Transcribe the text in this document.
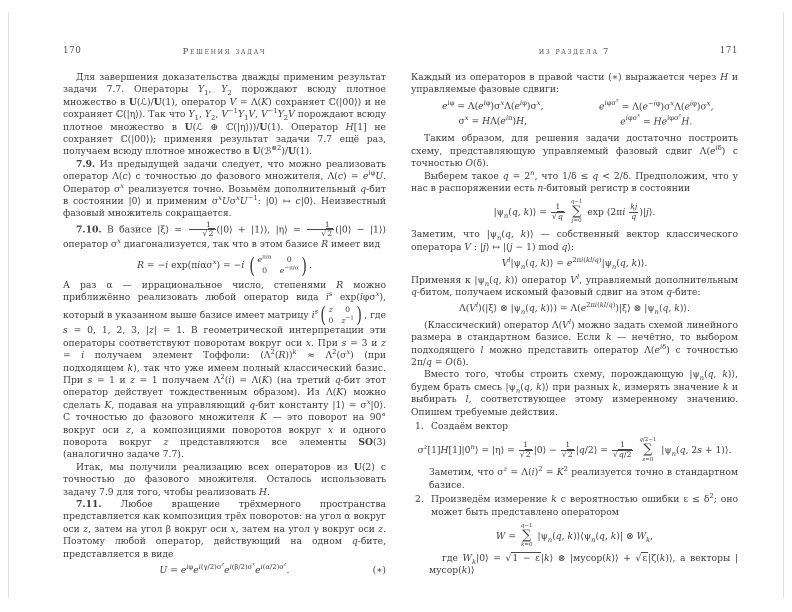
170	Решения задач
Для завершения доказательства дважды применим результат задачи 7.7. Операторы $Y_1$, $Y_2$ порождают всюду плотное множество в U(ℒ)/U(1), оператор V = Λ(K) сохраняет ℂ(|00⟩) и не сохраняет ℂ(|η⟩). Так что $Y_1$, $Y_2$, $V^{-1}Y_1V$, $V^{-1}Y_2V$ порождают всюду плотное множество в U(ℒ ⊕ ℂ(|η⟩))/U(1). Оператор H[1] не сохраняет ℂ(|00⟩); применяя результат задачи 7.7 ещё раз, получаем всюду плотное множество в U(ℬ$^{\otimes 2}$)/U(1).
7.9. Из предыдущей задачи следует, что можно реализовать оператор Λ(c) с точностью до фазового множителя, $\Lambda(c) = e^{i\varphi}U$. Оператор $\sigma^x$ реализуется точно. Возьмём дополнительный q-бит в состоянии |0⟩ и применим $\sigma^xU\sigma^xU^{-1}$: |0⟩ ↦ c|0⟩. Неизвестный фазовый множитель сокращается.
7.10. В базисе |ξ⟩ = $\frac{1}{√2}$ (|0⟩ + |1⟩), |η⟩ = $\frac{1}{√2}$ (|0⟩ − |1⟩) оператор $\sigma^x$ диагонализуется, так что в этом базисе R имеет вид
R = −i exp(πiασ$^x$) = −i ( $e^{\pi i\alpha}$	0
0	$e^{-\pi i\alpha}$ ) .
А раз α — иррациональное число, степенями R можно приближённо реализовать любой оператор вида $i^s$ exp(iφσ$^x$), который в указанном выше базисе имеет матрицу $i^s$ ( z	0
0 $z^{-1}$ ) , где s = 0, 1, 2, 3, |z| = 1. В геометрической интерпретации эти операторы соответствуют поворотам вокруг оси x. При s = 3 и z = i получаем элемент Тоффоли: $(\Lambda^2(R))^k \approx \Lambda^2(\sigma^x)$ (при подходящем k), так что уже имеем полный классический базис. При s = 1 и z = 1 получаем $\Lambda^2(i) = \Lambda(K)$ (на третий q-бит этот оператор действует тождественным образом). Из Λ(K) можно сделать K, подавая на управляющий q-бит константу |1⟩ = $\sigma^x|0⟩$. С точностью до фазового множителя K — это поворот на 90° вокруг оси z, а композициями поворотов вокруг x и одного поворота вокруг z представляются все элементы SO(3) (аналогично задаче 7.7).
Итак, мы получили реализацию всех операторов из U(2) с точностью до фазового множителя. Осталось использовать задачу 7.9 для того, чтобы реализовать H.
7.11. Любое вращение трёхмерного пространства представляется как композиция трёх поворотов: на угол α вокруг оси z, затем на угол β вокруг оси x, затем на угол γ вокруг оси z. Поэтому любой оператор, действующий на одном q-бите, представляется в виде
$U = e^{i\varphi}e^{i(\gamma/2)\sigma^z}e^{i(\beta/2)\sigma^x}e^{i(\alpha/2)\sigma^z}$.	(∗)
из раздела 7	171
Каждый из операторов в правой части (∗) выражается через H и управляемые фазовые сдвиги:
$e^{i\varphi} = \Lambda(e^{i\varphi})\sigma^x\Lambda(e^{i\varphi})\sigma^x$,	$e^{i\varphi\sigma^z} = \Lambda(e^{-i\varphi})\sigma^x\Lambda(e^{i\varphi})\sigma^x$,
$\sigma^x = H\Lambda(e^{i\pi})H$,	$e^{i\varphi\sigma^x} = He^{i\varphi\sigma^z}H$.
Таким образом, для решения задачи достаточно построить схему, представляющую управляемый фазовый сдвиг $\Lambda(e^{i\delta})$ с точностью O(δ).
Выберем такое $q = 2^n$, что 1/δ ≤ q < 2/δ. Предположим, что у нас в распоряжении есть n-битовый регистр в состоянии
$|\psi_n(q$, k)⟩ = $\frac{1}{√q}$

q−1
∑
j=0
$\exp (2\pi i \frac{kj}{q}$ )|j⟩.
Заметим, что $|\psi_n(q$, k)⟩ — собственный вектор классического оператора V : |j⟩ ↦ |(j − 1) mod q⟩:
$V^l|\psi_n(q$, k)⟩ = $e^{2\pi i(kl/q)}|\psi_n(q$, k)⟩.
Применяя к $|\psi_n(q$, k)⟩ оператор $V^l$, управляемый дополнительным q-битом, получаем искомый фазовый сдвиг на этом q-бите:
$\Lambda(V^l)(|\xi⟩$ ⊗ $|\psi_n(q$, k)⟩) = $\Lambda(e^{2\pi i(kl/q)})|\xi⟩$ ⊗ $|\psi_n(q$, k)⟩.
(Классический) оператор $\Lambda(V^l)$ можно задать схемой линейного размера в стандартном базисе. Если k — нечётно, то выбором подходящего l можно представить оператор $\Lambda(e^{i\delta})$ с точностью 2π/q = O(δ).
Вместо того, чтобы строить схему, порождающую $|\psi_n(q$, k)⟩, будем брать смесь $|\psi_n(q$, k)⟩ при разных k, измерять значение k и выбирать l, соответствующее этому измеренному значению. Опишем требуемые действия.
1. Создаём вектор
$\sigma^z[1]H[1]|0^n⟩$ = |η⟩ = $\frac{1}{√2}$ |0⟩ − $\frac{1}{√2}$ |q/2⟩ = $\frac{1}{√q/2}$

q/2−1
∑
s=0
$|\psi_n(q$, 2s + 1)⟩.
Заметим, что $\sigma^z = \Lambda(i)^2 = K^2$ реализуется точно в стандартном базисе.
2. Произведём измерение k с вероятностью ошибки $\varepsilon \le \delta^2$; оно может быть представлено оператором
W =
q−1
∑
k=0
$|\psi_n(q$, $k)⟩⟨\psi_n(q$, k)| ⊗ $W_k$,
где $W_k|0⟩ = √1$ − ε|k⟩ ⊗ |мусор(k)⟩ + √ε|ζ(k)⟩, а векторы |мусор(k)⟩
